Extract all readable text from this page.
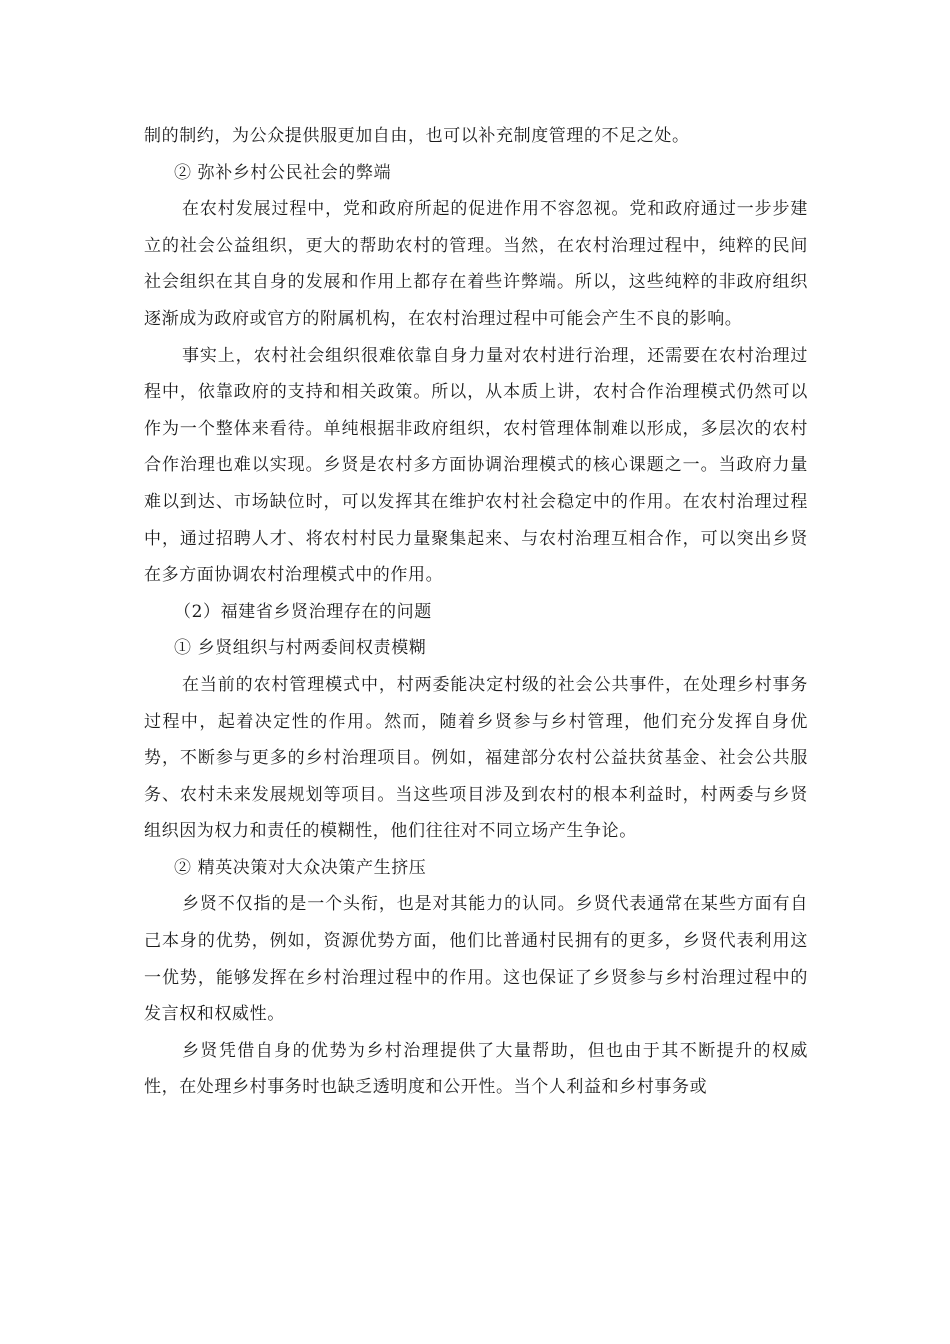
制的制约，为公众提供服更加自由，也可以补充制度管理的不足之处。

② 弥补乡村公民社会的弊端

在农村发展过程中，党和政府所起的促进作用不容忽视。党和政府通过一步步建立的社会公益组织，更大的帮助农村的管理。当然，在农村治理过程中，纯粹的民间社会组织在其自身的发展和作用上都存在着些许弊端。所以，这些纯粹的非政府组织逐渐成为政府或官方的附属机构，在农村治理过程中可能会产生不良的影响。

事实上，农村社会组织很难依靠自身力量对农村进行治理，还需要在农村治理过程中，依靠政府的支持和相关政策。所以，从本质上讲，农村合作治理模式仍然可以作为一个整体来看待。单纯根据非政府组织，农村管理体制难以形成，多层次的农村合作治理也难以实现。乡贤是农村多方面协调治理模式的核心课题之一。当政府力量难以到达、市场缺位时，可以发挥其在维护农村社会稳定中的作用。在农村治理过程中，通过招聘人才、将农村村民力量聚集起来、与农村治理互相合作，可以突出乡贤在多方面协调农村治理模式中的作用。

（2）福建省乡贤治理存在的问题

① 乡贤组织与村两委间权责模糊

在当前的农村管理模式中，村两委能决定村级的社会公共事件，在处理乡村事务过程中，起着决定性的作用。然而，随着乡贤参与乡村管理，他们充分发挥自身优势，不断参与更多的乡村治理项目。例如，福建部分农村公益扶贫基金、社会公共服务、农村未来发展规划等项目。当这些项目涉及到农村的根本利益时，村两委与乡贤组织因为权力和责任的模糊性，他们往往对不同立场产生争论。

② 精英决策对大众决策产生挤压

乡贤不仅指的是一个头衔，也是对其能力的认同。乡贤代表通常在某些方面有自己本身的优势，例如，资源优势方面，他们比普通村民拥有的更多，乡贤代表利用这一优势，能够发挥在乡村治理过程中的作用。这也保证了乡贤参与乡村治理过程中的发言权和权威性。

乡贤凭借自身的优势为乡村治理提供了大量帮助，但也由于其不断提升的权威性，在处理乡村事务时也缺乏透明度和公开性。当个人利益和乡村事务或
